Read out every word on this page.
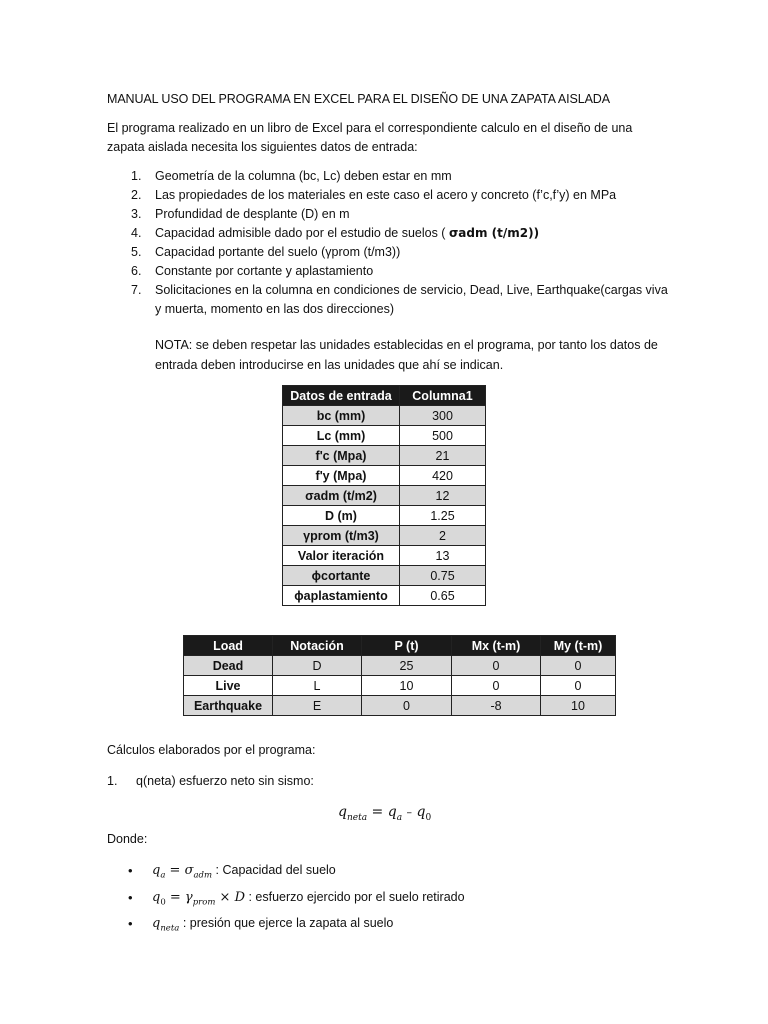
MANUAL USO DEL PROGRAMA EN EXCEL PARA EL DISEÑO DE UNA ZAPATA AISLADA
El programa realizado en un libro de Excel para el correspondiente calculo en el diseño de una zapata aislada necesita los siguientes datos de entrada:
1. Geometría de la columna (bc, Lc) deben estar en mm
2. Las propiedades de los materiales en este caso el acero y concreto (f’c,f’y) en MPa
3. Profundidad de desplante (D) en m
4. Capacidad admisible dado por el estudio de suelos ( σadm (t/m2))
5. Capacidad portante del suelo (γprom (t/m3))
6. Constante por cortante y aplastamiento
7. Solicitaciones en la columna en condiciones de servicio, Dead, Live, Earthquake(cargas viva y muerta, momento en las dos direcciones)
NOTA: se deben respetar las unidades establecidas en el programa, por tanto los datos de entrada deben introducirse en las unidades que ahí se indican.
Datos de entrada	Columna1
bc (mm)	300
Lc (mm)	500
f'c (Mpa)	21
f'y (Mpa)	420
σadm (t/m2)	12
D (m)	1.25
γprom (t/m3)	2
Valor iteración	13
ϕcortante	0.75
ϕaplastamiento	0.65
Load	Notación	P (t)	Mx (t-m)	My (t-m)
Dead	D	25	0	0
Live	L	10	0	0
Earthquake	E	0	-8	10
Cálculos elaborados por el programa:
1. q(neta) esfuerzo neto sin sismo:
$q_{neta} = q_a - q_0$
Donde:
• $q_a = \sigma_{adm}$ : Capacidad del suelo
• $q_0 = \gamma_{prom} \times D$ : esfuerzo ejercido por el suelo retirado
• $q_{neta}$ : presión que ejerce la zapata al suelo
